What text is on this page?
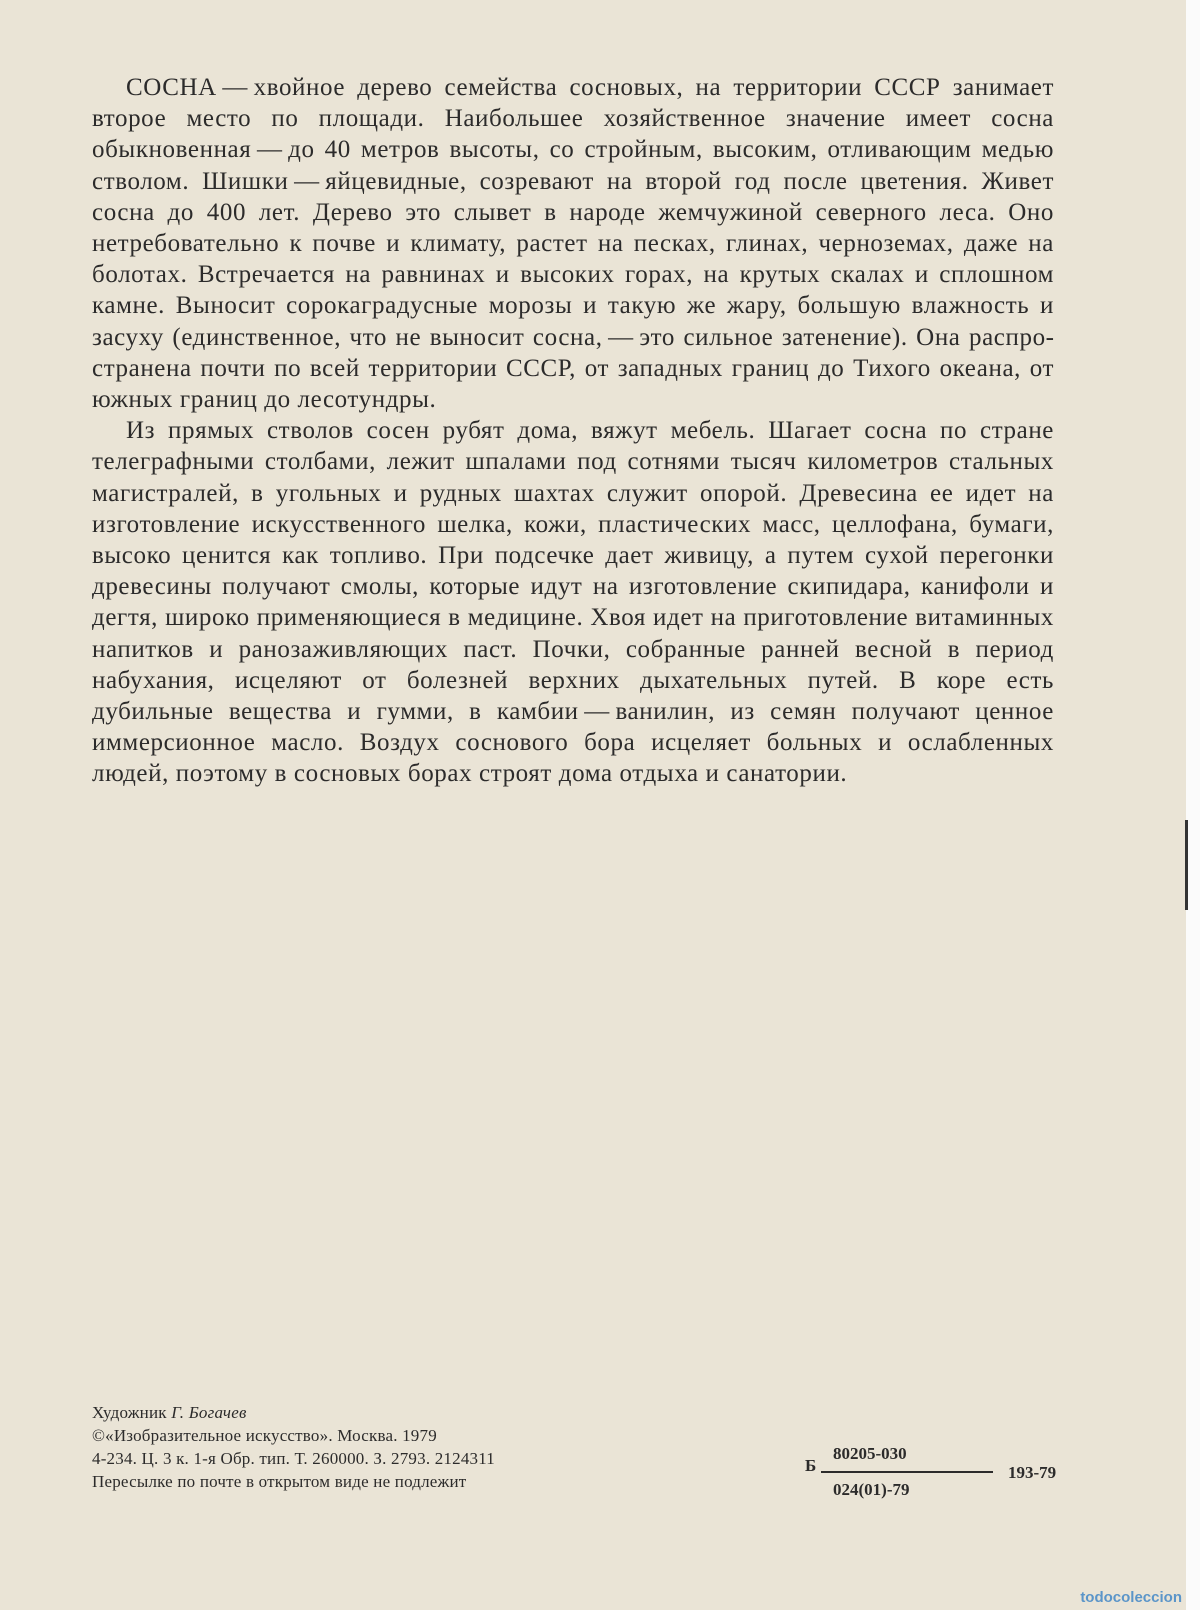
СОСНА — хвойное дерево семейства сосновых, на территории СССР занимает второе место по площади. Наибольшее хозяйственное значение имеет сосна обыкновенная — до 40 метров высоты, со стройным, высоким, отливающим медью стволом. Шишки — яйцевидные, созревают на второй год после цветения. Живет сосна до 400 лет. Дерево это слывет в народе жемчужиной северного леса. Оно нетребовательно к почве и климату, растет на песках, глинах, черноземах, даже на болотах. Встречается на равнинах и высоких горах, на крутых скалах и сплошном камне. Выносит сорокаградусные морозы и такую же жару, большую влажность и засуху (единственное, что не выносит сосна, — это сильное затенение). Она распространена почти по всей территории СССР, от западных границ до Тихого океана, от южных границ до лесотундры.

Из прямых стволов сосен рубят дома, вяжут мебель. Шагает сосна по стране телеграфными столбами, лежит шпалами под сотнями тысяч километров стальных магистралей, в угольных и рудных шахтах служит опорой. Древесина ее идет на изготовление искусственного шелка, кожи, пластических масс, целлофана, бумаги, высоко ценится как топливо. При подсечке дает живицу, а путем сухой перегонки древесины получают смолы, которые идут на изготовление скипидара, канифоли и дегтя, широко применяющиеся в медицине. Хвоя идет на приготовление витаминных напитков и ранозаживляющих паст. Почки, собранные ранней весной в период набухания, исцеляют от болезней верхних дыхательных путей. В коре есть дубильные вещества и гумми, в камбии — ванилин, из семян получают ценное иммерсионное масло. Воздух соснового бора исцеляет больных и ослабленных людей, поэтому в сосновых борах строят дома отдыха и санатории.

Художник Г. Богачев
©«Изобразительное искусство». Москва. 1979
4-234. Ц. 3 к. 1-я Обр. тип. Т. 260000. З. 2793. 2124311
Пересылке по почте в открытом виде не подлежит
Б
80205-030
024(01)-79
193-79
todocoleccion
